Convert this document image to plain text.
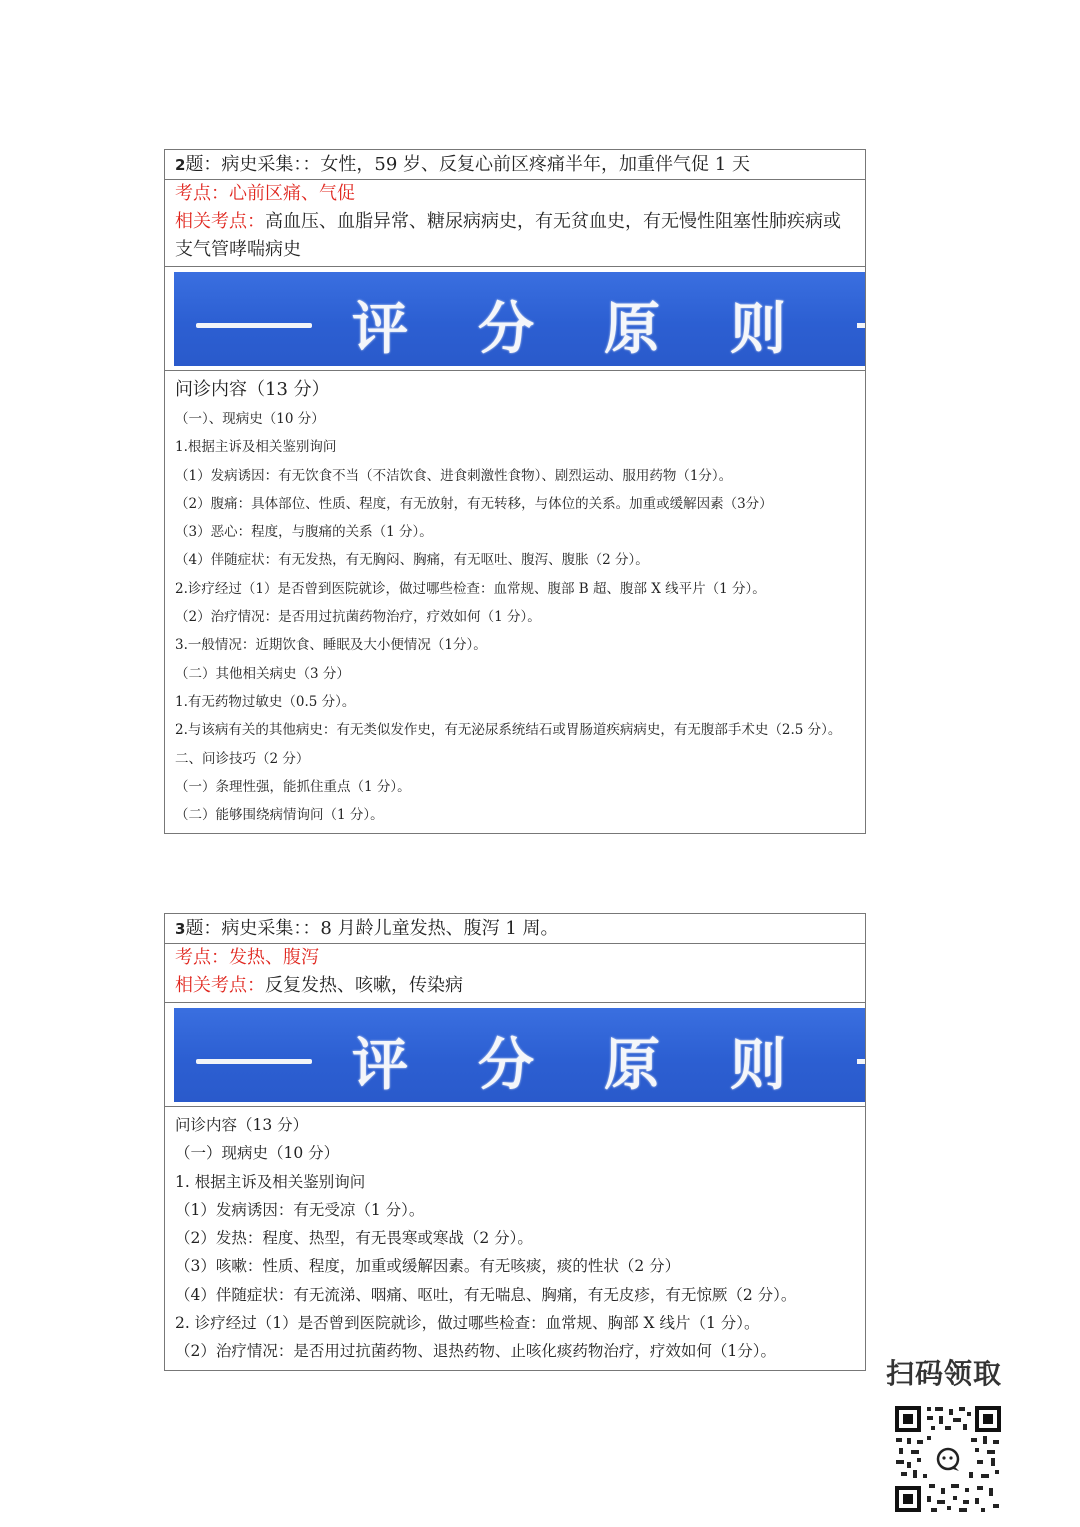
2题：病史采集：：女性，59 岁、反复心前区疼痛半年，加重伴气促 1 天
考点：心前区痛、气促
相关考点：高血压、血脂异常、糖尿病病史，有无贫血史，有无慢性阻塞性肺疾病或支气管哮喘病史
评分原则
问诊内容（13 分）

（一）、现病史（10 分）

1.根据主诉及相关鉴别询问

（1）发病诱因：有无饮食不当（不洁饮食、进食刺激性食物）、剧烈运动、服用药物（1分）。

（2）腹痛：具体部位、性质、程度，有无放射，有无转移，与体位的关系。加重或缓解因素（3分）

（3）恶心：程度，与腹痛的关系（1 分）。

（4）伴随症状：有无发热，有无胸闷、胸痛，有无呕吐、腹泻、腹胀（2 分）。

2.诊疗经过（1）是否曾到医院就诊，做过哪些检查：血常规、腹部 B 超、腹部 X 线平片（1 分）。

（2）治疗情况：是否用过抗菌药物治疗，疗效如何（1 分）。

3.一般情况：近期饮食、睡眠及大小便情况（1分）。

（二）其他相关病史（3 分）

1.有无药物过敏史（0.5 分）。

2.与该病有关的其他病史：有无类似发作史，有无泌尿系统结石或胃肠道疾病病史，有无腹部手术史（2.5 分）。

二、问诊技巧（2 分）

（一）条理性强，能抓住重点（1 分）。

（二）能够围绕病情询问（1 分）。

3题：病史采集：：8 月龄儿童发热、腹泻 1 周。
考点：发热、腹泻
相关考点：反复发热、咳嗽，传染病
评分原则

问诊内容（13 分）

（一）现病史（10 分）

1. 根据主诉及相关鉴别询问

（1）发病诱因：有无受凉（1 分）。

（2）发热：程度、热型，有无畏寒或寒战（2 分）。

（3）咳嗽：性质、程度，加重或缓解因素。有无咳痰，痰的性状（2 分）

（4）伴随症状：有无流涕、咽痛、呕吐，有无喘息、胸痛，有无皮疹，有无惊厥（2 分）。

2. 诊疗经过（1）是否曾到医院就诊，做过哪些检查：血常规、胸部 X 线片（1 分）。

（2）治疗情况：是否用过抗菌药物、退热药物、止咳化痰药物治疗，疗效如何（1分）。

扫码领取
